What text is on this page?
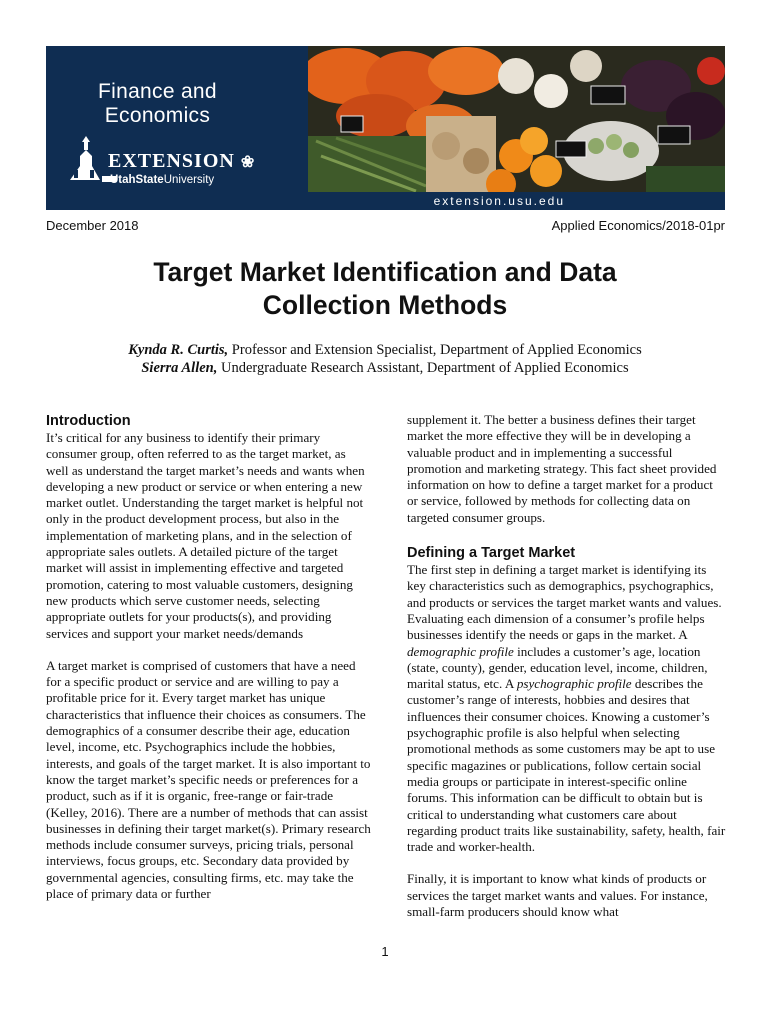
Finance and
Economics
EXTENSION ❀
UtahStateUniversity
extension.usu.edu
December 2018	Applied Economics/2018-01pr
Target Market Identification and Data
Collection Methods
Kynda R. Curtis, Professor and Extension Specialist, Department of Applied Economics
Sierra Allen, Undergraduate Research Assistant, Department of Applied Economics
Introduction

It’s critical for any business to identify their primary consumer group, often referred to as the target market, as well as understand the target market’s needs and wants when developing a new product or service or when entering a new market outlet. Understanding the target market is helpful not only in the product development process, but also in the implementation of marketing plans, and in the selection of appropriate sales outlets. A detailed picture of the target market will assist in implementing effective and targeted promotion, catering to most valuable customers, designing new products which serve customer needs, selecting appropriate outlets for your products(s), and providing services and support your market needs/demands

A target market is comprised of customers that have a need for a specific product or service and are willing to pay a profitable price for it. Every target market has unique characteristics that influence their choices as consumers. The demographics of a consumer describe their age, education level, income, etc. Psychographics include the hobbies, interests, and goals of the target market. It is also important to know the target market’s specific needs or preferences for a product, such as if it is organic, free-range or fair-trade (Kelley, 2016). There are a number of methods that can assist businesses in defining their target market(s). Primary research methods include consumer surveys, pricing trials, personal interviews, focus groups, etc. Secondary data provided by governmental agencies, consulting firms, etc. may take the place of primary data or further

supplement it. The better a business defines their target market the more effective they will be in developing a valuable product and in implementing a successful promotion and marketing strategy. This fact sheet provided information on how to define a target market for a product or service, followed by methods for collecting data on targeted consumer groups.

Defining a Target Market

The first step in defining a target market is identifying its key characteristics such as demographics, psychographics, and products or services the target market wants and values. Evaluating each dimension of a consumer’s profile helps businesses identify the needs or gaps in the market. A demographic profile includes a customer’s age, location (state, county), gender, education level, income, children, marital status, etc. A psychographic profile describes the customer’s range of interests, hobbies and desires that influences their consumer choices. Knowing a customer’s psychographic profile is also helpful when selecting promotional methods as some customers may be apt to use specific magazines or publications, follow certain social media groups or participate in interest-specific online forums. This information can be difficult to obtain but is critical to understanding what customers care about regarding product traits like sustainability, safety, health, fair trade and worker-health.

Finally, it is important to know what kinds of products or services the target market wants and values. For instance, small-farm producers should know what

1
